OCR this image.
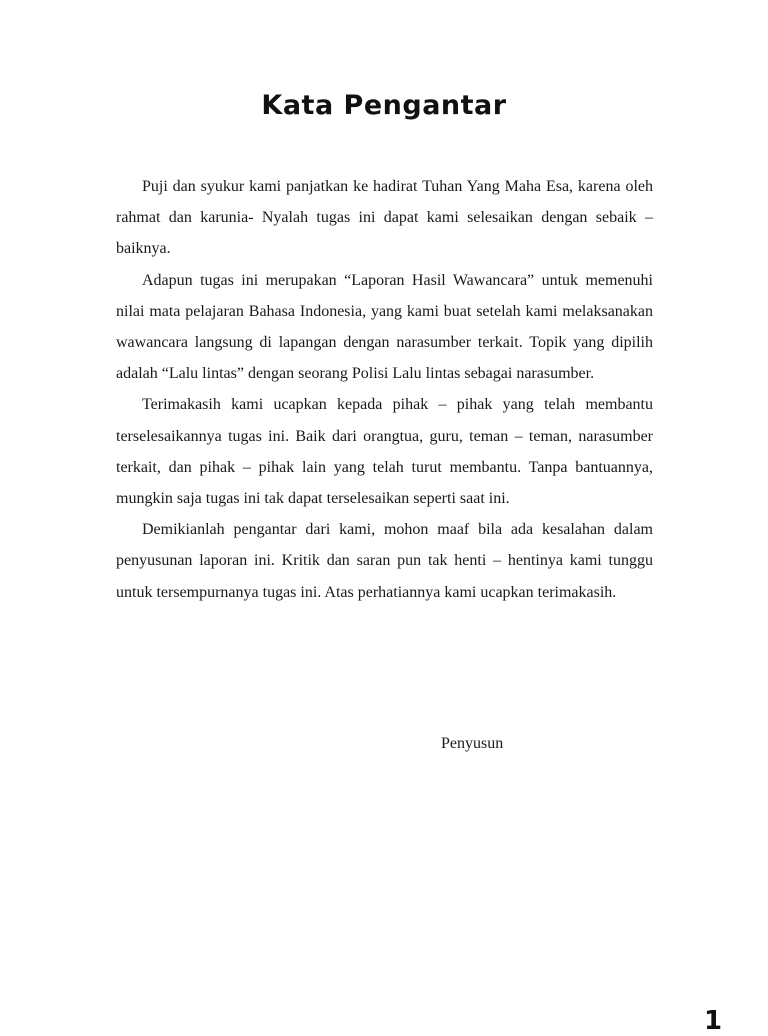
Kata Pengantar

Puji dan syukur kami panjatkan ke hadirat Tuhan Yang Maha Esa, karena oleh rahmat dan karunia- Nyalah tugas ini dapat kami selesaikan dengan sebaik – baiknya.

Adapun tugas ini merupakan “Laporan Hasil Wawancara” untuk memenuhi nilai mata pelajaran Bahasa Indonesia, yang kami buat setelah kami melaksanakan wawancara langsung di lapangan dengan narasumber terkait. Topik yang dipilih adalah “Lalu lintas” dengan seorang Polisi Lalu lintas sebagai narasumber.

Terimakasih kami ucapkan kepada pihak – pihak yang telah membantu terselesaikannya tugas ini. Baik dari orangtua, guru, teman – teman, narasumber terkait, dan pihak – pihak lain yang telah turut membantu. Tanpa bantuannya, mungkin saja tugas ini tak dapat terselesaikan seperti saat ini.

Demikianlah pengantar dari kami, mohon maaf bila ada kesalahan dalam penyusunan laporan ini. Kritik dan saran pun tak henti – hentinya kami tunggu untuk tersempurnanya tugas ini. Atas perhatiannya kami ucapkan terimakasih.

Penyusun

1
